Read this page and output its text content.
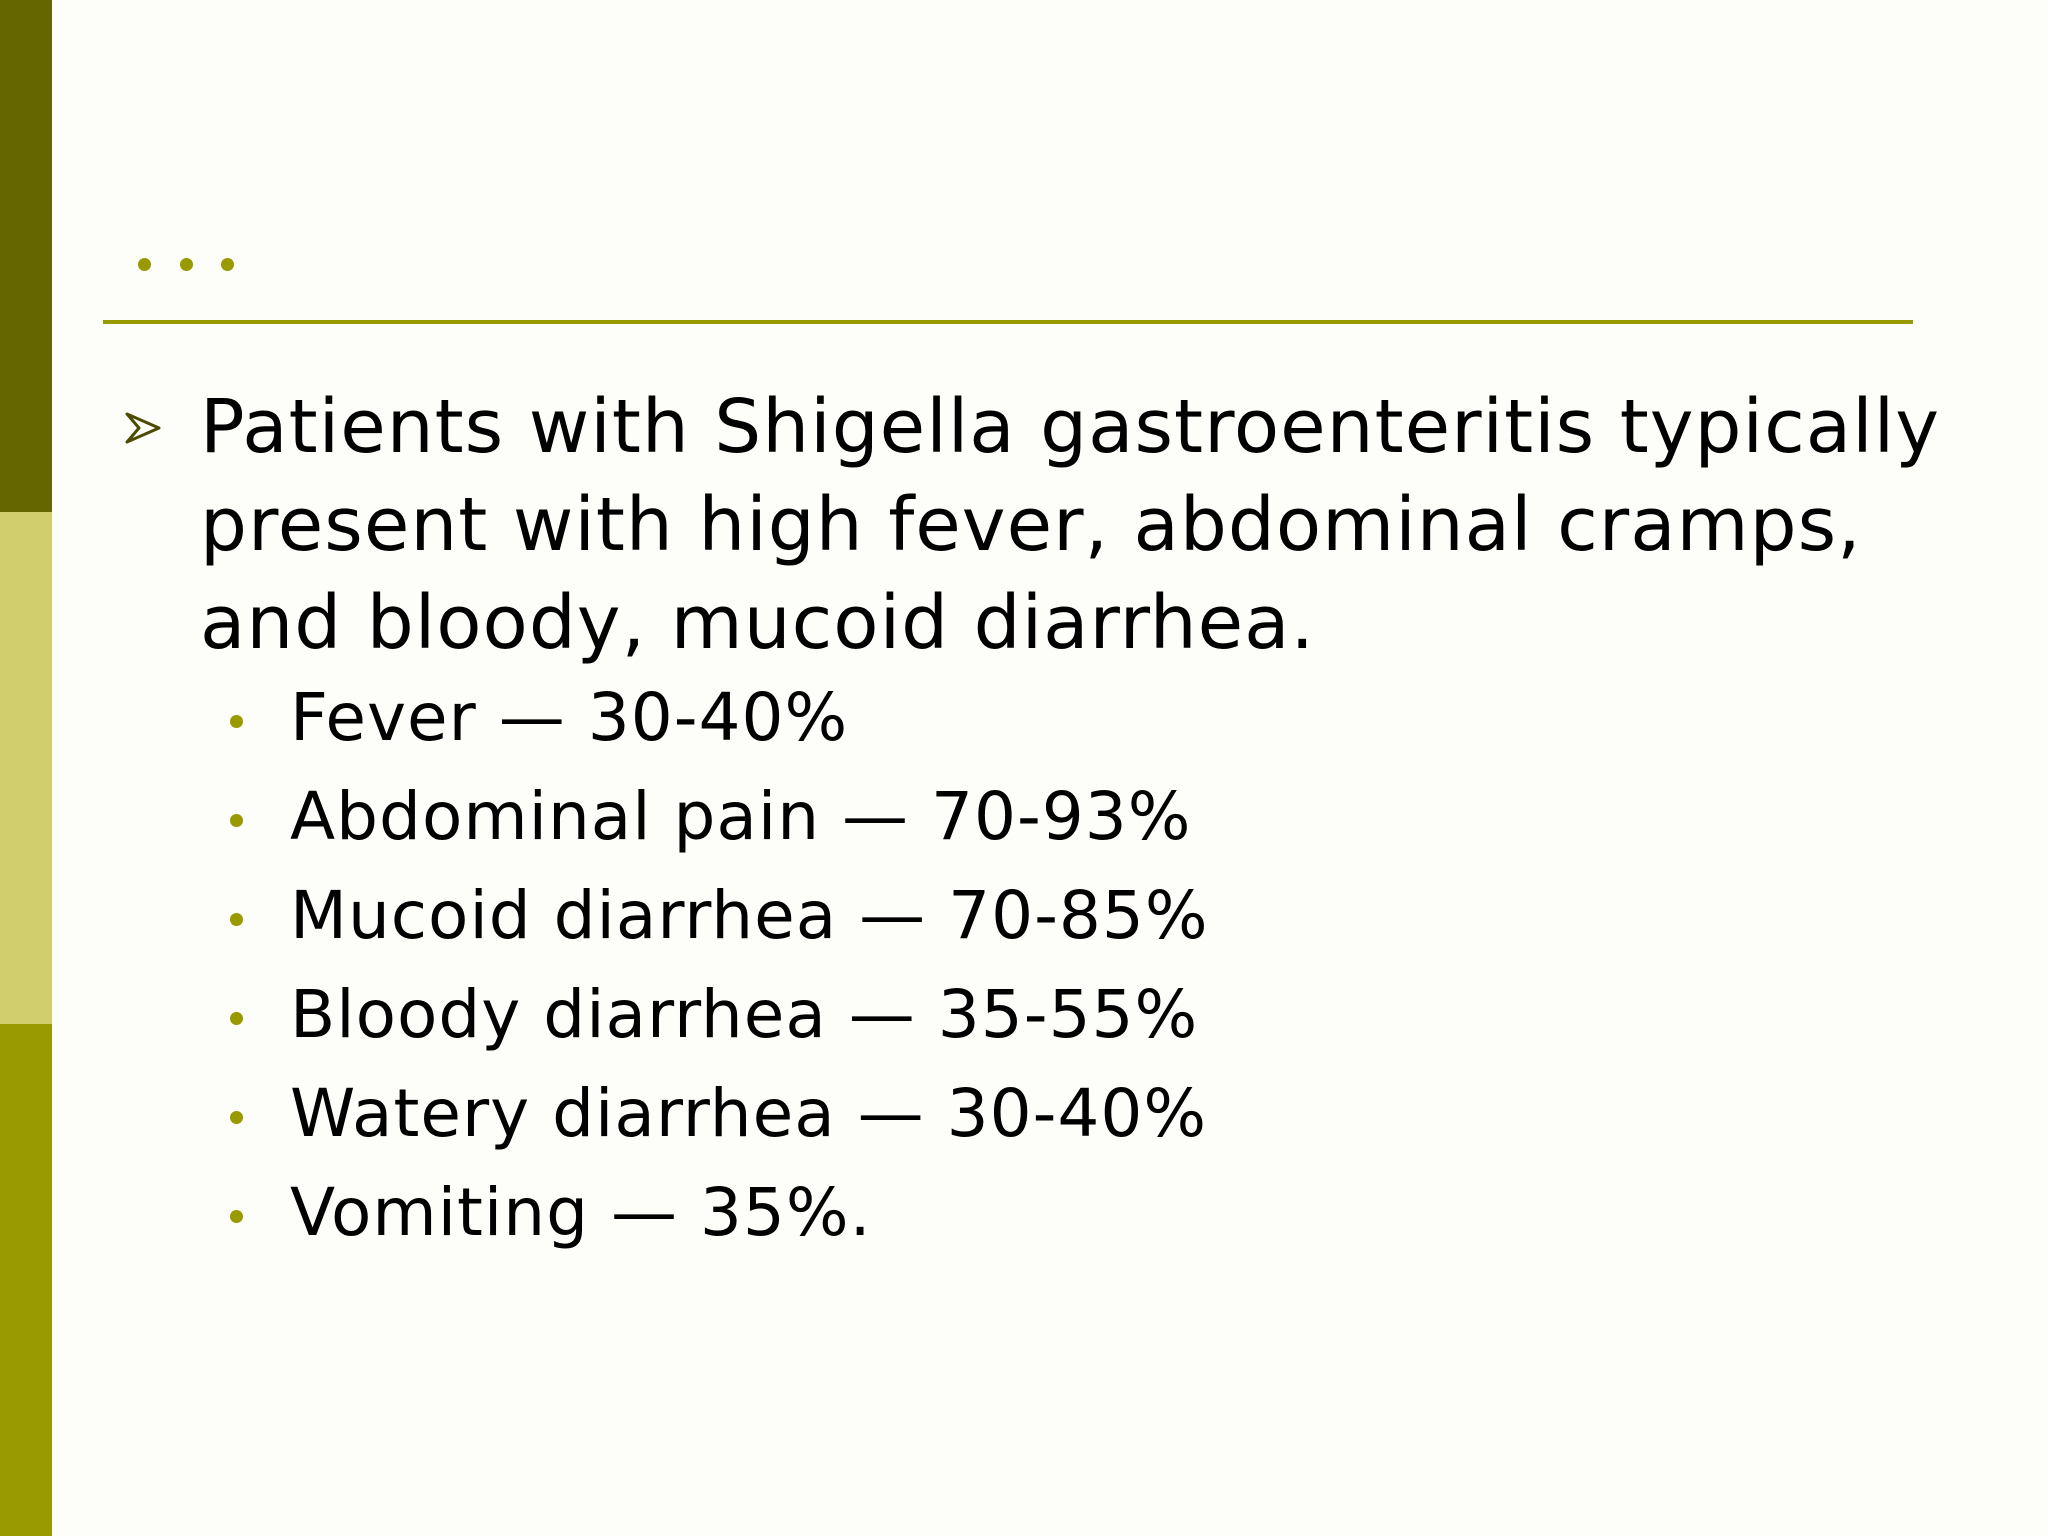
Patients with Shigella gastroenteritis typically
present with high fever, abdominal cramps,
and bloody, mucoid diarrhea.
Fever — 30-40%
Abdominal pain — 70-93%
Mucoid diarrhea — 70-85%
Bloody diarrhea — 35-55%
Watery diarrhea — 30-40%
Vomiting — 35%.
